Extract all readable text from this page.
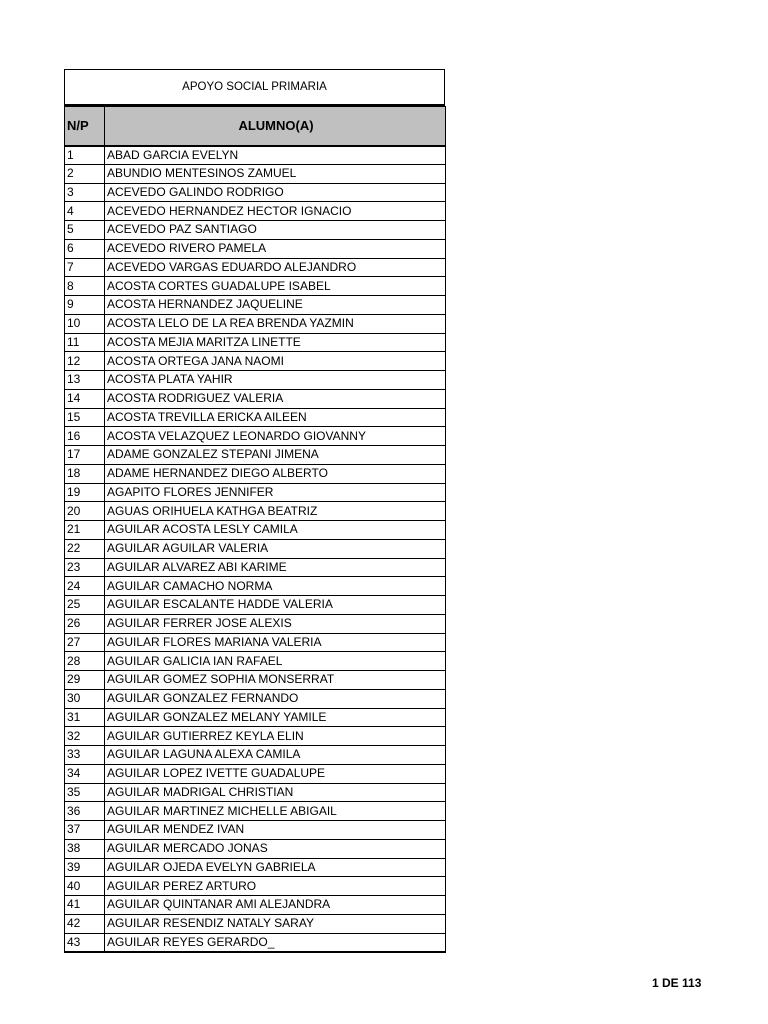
APOYO SOCIAL PRIMARIA
N/P	ALUMNO(A)
1	ABAD GARCIA EVELYN
2	ABUNDIO MENTESINOS ZAMUEL
3	ACEVEDO GALINDO RODRIGO
4	ACEVEDO HERNANDEZ HECTOR IGNACIO
5	ACEVEDO PAZ SANTIAGO
6	ACEVEDO RIVERO PAMELA
7	ACEVEDO VARGAS EDUARDO ALEJANDRO
8	ACOSTA CORTES GUADALUPE ISABEL
9	ACOSTA HERNANDEZ JAQUELINE
10	ACOSTA LELO DE LA REA BRENDA YAZMIN
11	ACOSTA MEJIA MARITZA LINETTE
12	ACOSTA ORTEGA JANA NAOMI
13	ACOSTA PLATA YAHIR
14	ACOSTA RODRIGUEZ VALERIA
15	ACOSTA TREVILLA ERICKA AILEEN
16	ACOSTA VELAZQUEZ LEONARDO GIOVANNY
17	ADAME GONZALEZ STEPANI JIMENA
18	ADAME HERNANDEZ DIEGO ALBERTO
19	AGAPITO FLORES JENNIFER
20	AGUAS ORIHUELA KATHGA BEATRIZ
21	AGUILAR ACOSTA LESLY CAMILA
22	AGUILAR AGUILAR VALERIA
23	AGUILAR ALVAREZ ABI KARIME
24	AGUILAR CAMACHO NORMA
25	AGUILAR ESCALANTE HADDE VALERIA
26	AGUILAR FERRER JOSE ALEXIS
27	AGUILAR FLORES MARIANA VALERIA
28	AGUILAR GALICIA IAN RAFAEL
29	AGUILAR GOMEZ SOPHIA MONSERRAT
30	AGUILAR GONZALEZ FERNANDO
31	AGUILAR GONZALEZ MELANY YAMILE
32	AGUILAR GUTIERREZ KEYLA ELIN
33	AGUILAR LAGUNA ALEXA CAMILA
34	AGUILAR LOPEZ IVETTE GUADALUPE
35	AGUILAR MADRIGAL CHRISTIAN
36	AGUILAR MARTINEZ MICHELLE ABIGAIL
37	AGUILAR MENDEZ IVAN
38	AGUILAR MERCADO JONAS
39	AGUILAR OJEDA EVELYN GABRIELA
40	AGUILAR PEREZ ARTURO
41	AGUILAR QUINTANAR AMI ALEJANDRA
42	AGUILAR RESENDIZ NATALY SARAY
43	AGUILAR REYES GERARDO_
1 DE 113
